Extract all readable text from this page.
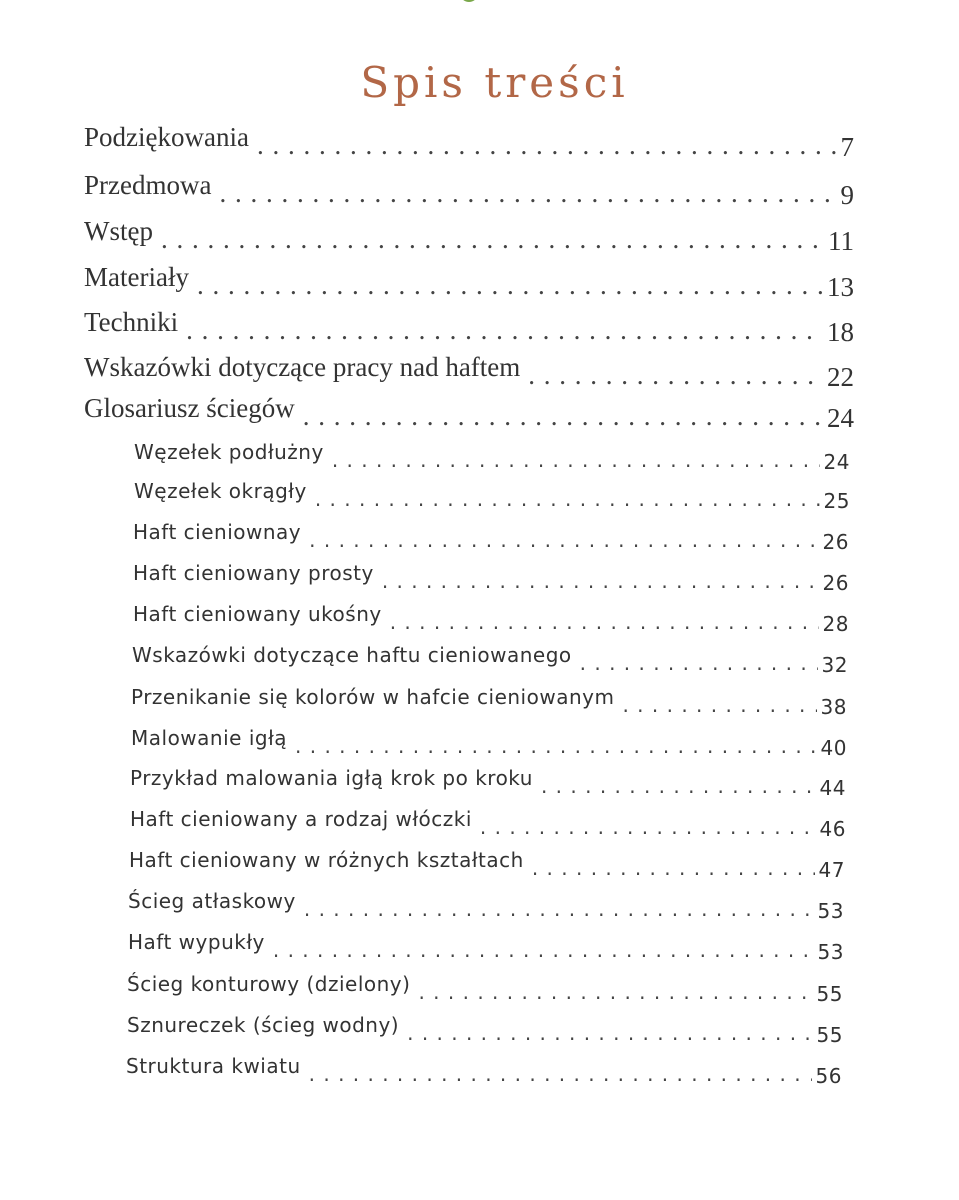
Spis treści
Podziękowania . . .	7
Przedmowa . . .	9
Wstęp . . .	11
Materiały . . .	13
Techniki . . .	18
Wskazówki dotyczące pracy nad haftem . . .	22
Glosariusz ściegów . . .	24
Węzełek podłużny . . .	24
Węzełek okrągły . . .	25
Haft cieniownay . . .	26
Haft cieniowany prosty . . .	26
Haft cieniowany ukośny . . .	28
Wskazówki dotyczące haftu cieniowanego . . .	32
Przenikanie się kolorów w hafcie cieniowanym . . .	38
Malowanie igłą . . .	40
Przykład malowania igłą krok po kroku . . .	44
Haft cieniowany a rodzaj włóczki . . .	46
Haft cieniowany w różnych kształtach . . .	47
Ścieg atłaskowy . . .	53
Haft wypukły . . .	53
Ścieg konturowy (dzielony) . . .	55
Sznureczek (ścieg wodny) . . .	55
Struktura kwiatu . . .	56
